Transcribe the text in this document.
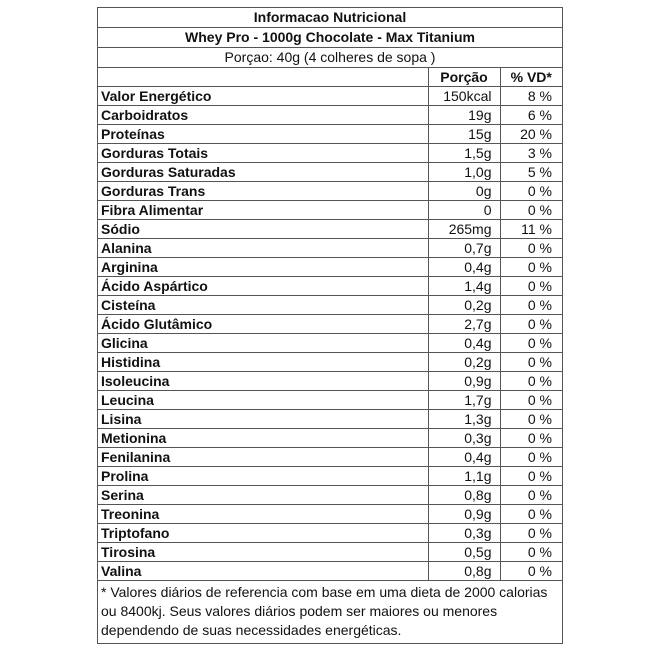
Informacao Nutricional
Whey Pro - 1000g Chocolate - Max Titanium
Porçao: 40g (4 colheres de sopa )
	Porção	% VD*
Valor Energético	150kcal	8 %
Carboidratos	19g	6 %
Proteínas	15g	20 %
Gorduras Totais	1,5g	3 %
Gorduras Saturadas	1,0g	5 %
Gorduras Trans	0g	0 %
Fibra Alimentar	0	0 %
Sódio	265mg	11 %
Alanina	0,7g	0 %
Arginina	0,4g	0 %
Ácido Aspártico	1,4g	0 %
Cisteína	0,2g	0 %
Ácido Glutâmico	2,7g	0 %
Glicina	0,4g	0 %
Histidina	0,2g	0 %
Isoleucina	0,9g	0 %
Leucina	1,7g	0 %
Lisina	1,3g	0 %
Metionina	0,3g	0 %
Fenilanina	0,4g	0 %
Prolina	1,1g	0 %
Serina	0,8g	0 %
Treonina	0,9g	0 %
Triptofano	0,3g	0 %
Tirosina	0,5g	0 %
Valina	0,8g	0 %
* Valores diários de referencia com base em uma dieta de 2000 calorias ou 8400kj. Seus valores diários podem ser maiores ou menores dependendo de suas necessidades energéticas.
